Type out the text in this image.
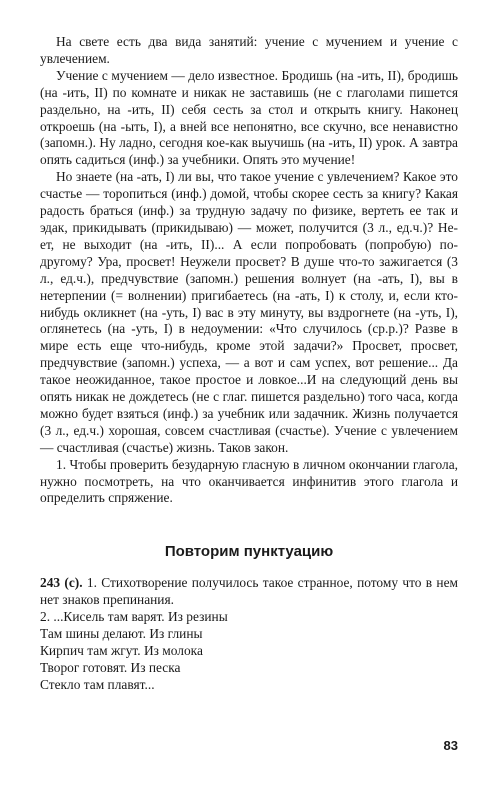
На свете есть два вида занятий: учение с мучением и учение с увлечением.

Учение с мучением — дело известное. Бродишь (на -ить, II), бродишь (на -ить, II) по комнате и никак не заставишь (не с глаголами пишется раздельно, на -ить, II) себя сесть за стол и открыть книгу. Наконец откроешь (на -ыть, I), а вней все непонятно, все скучно, все ненавистно (запомн.). Ну ладно, сегодня кое-как выучишь (на -ить, II) урок. А завтра опять садиться (инф.) за учебники. Опять это мучение!

Но знаете (на -ать, I) ли вы, что такое учение с увлечением? Какое это счастье — торопиться (инф.) домой, чтобы скорее сесть за книгу? Какая радость браться (инф.) за трудную задачу по физике, вертеть ее так и эдак, прикидывать (прикидываю) — может, получится (3 л., ед.ч.)? Не-ет, не выходит (на -ить, II)... А если попробовать (попробую) по-другому? Ура, просвет! Неужели просвет? В душе что-то зажигается (3 л., ед.ч.), предчувствие (запомн.) решения волнует (на -ать, I), вы в нетерпении (= волнении) пригибаетесь (на -ать, I) к столу, и, если кто-нибудь окликнет (на -уть, I) вас в эту минуту, вы вздрогнете (на -уть, I), оглянетесь (на -уть, I) в недоумении: «Что случилось (ср.р.)? Разве в мире есть еще что-нибудь, кроме этой задачи?» Просвет, просвет, предчувствие (запомн.) успеха, — а вот и сам успех, вот решение... Да такое неожиданное, такое простое и ловкое...И на следующий день вы опять никак не дождетесь (не с глаг. пишется раздельно) того часа, когда можно будет взяться (инф.) за учебник или задачник. Жизнь получается (3 л., ед.ч.) хорошая, совсем счастливая (счастье). Учение с увлечением — счастливая (счастье) жизнь. Таков закон.

1. Чтобы проверить безударную гласную в личном окончании глагола, нужно посмотреть, на что оканчивается инфинитив этого глагола и определить спряжение.

Повторим пунктуацию

243 (с). 1. Стихотворение получилось такое странное, потому что в нем нет знаков препинания.

2. ...Кисель там варят. Из резины

Там шины делают. Из глины

Кирпич там жгут. Из молока

Творог готовят. Из песка

Стекло там плавят...

83
